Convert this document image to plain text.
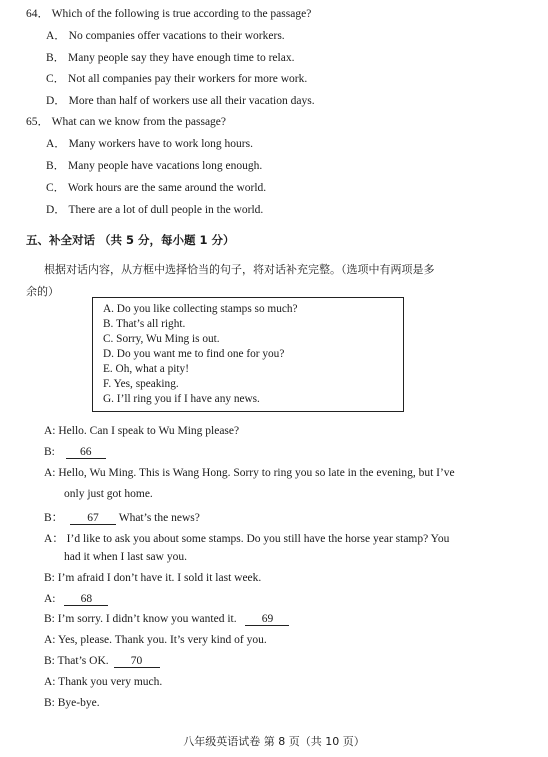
64． Which of the following is true according to the passage?
A． No companies offer vacations to their workers.
B． Many people say they have enough time to relax.
C． Not all companies pay their workers for more work.
D． More than half of workers use all their vacation days.
65． What can we know from the passage?
A． Many workers have to work long hours.
B． Many people have vacations long enough.
C． Work hours are the same around the world.
D． There are a lot of dull people in the world.
五、补全对话 （共 5 分，每小题 1 分）
根据对话内容，从方框中选择恰当的句子，将对话补充完整。（选项中有两项是多
余的）
A. Do you like collecting stamps so much?
B. That’s all right.
C. Sorry, Wu Ming is out.
D. Do you want me to find one for you?
E. Oh, what a pity!
F. Yes, speaking.
G. I’ll ring you if I have any news.
A: Hello. Can I speak to Wu Ming please?
B: 66
A: Hello, Wu Ming. This is Wang Hong. Sorry to ring you so late in the evening, but I’ve
only just got home.
B： 67 What’s the news?
A： I’d like to ask you about some stamps. Do you still have the horse year stamp? You
had it when I last saw you.
B: I’m afraid I don’t have it. I sold it last week.
A: 68
B: I’m sorry. I didn’t know you wanted it. 69
A: Yes, please. Thank you. It’s very kind of you.
B: That’s OK. 70
A: Thank you very much.
B: Bye-bye.
八年级英语试卷 第 8 页（共 10 页）
